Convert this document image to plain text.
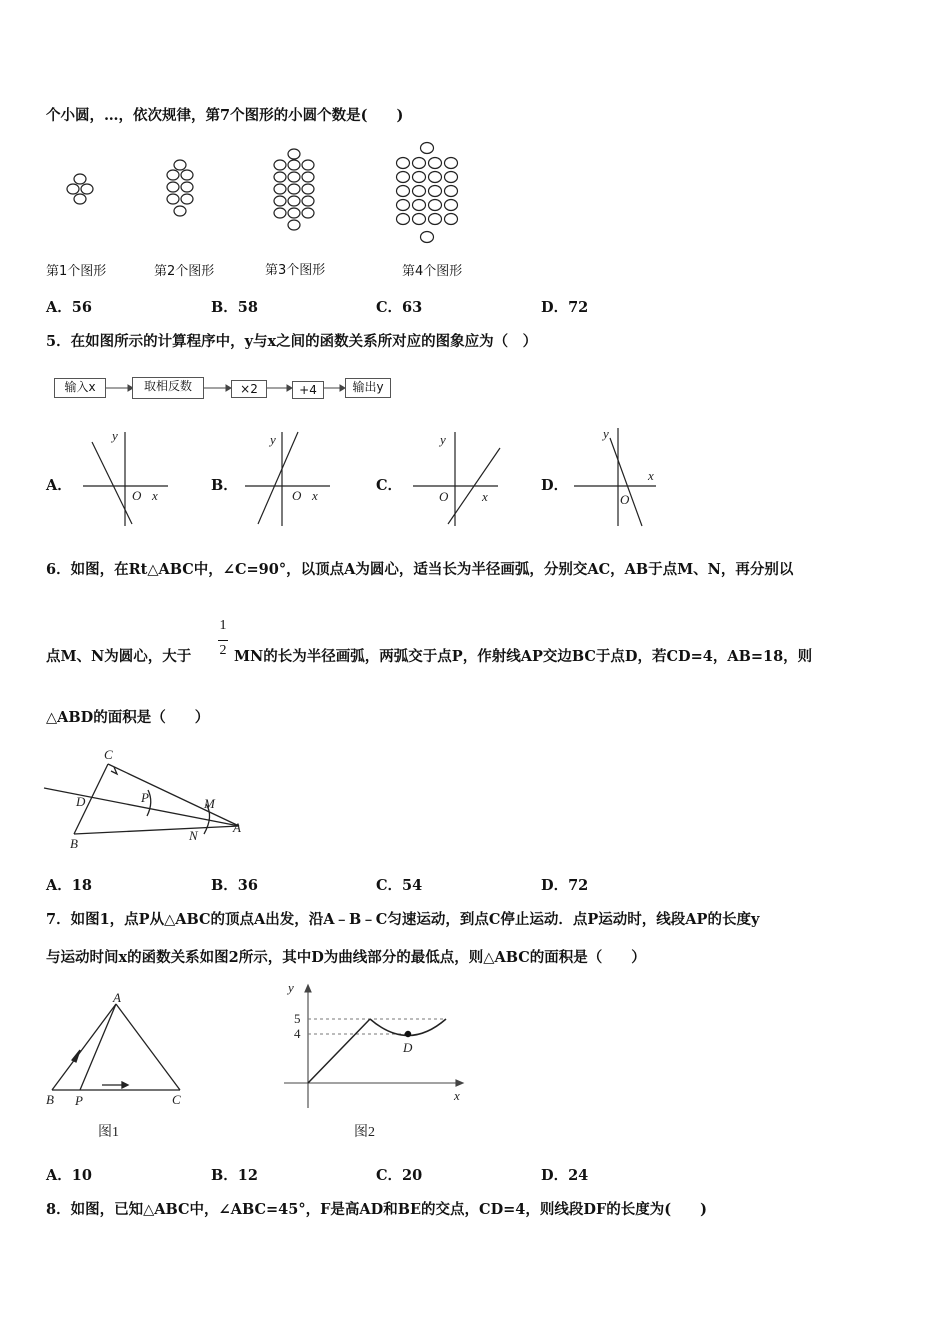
个小圆，…，依次规律，第7个图形的小圆个数是(　　)
第1个图形	第2个图形	第3个图形	第4个图形
A．56	B．58	C．63	D．72
5．在如图所示的计算程序中，y与x之间的函数关系所对应的图象应为（　）
输入x	取相反数	×2	+4	输出y
A．	B．	C．	D．
y
O x
y
O x
y
O	x
y
x
O
6．如图，在Rt△ABC中，∠C=90°，以顶点A为圆心，适当长为半径画弧，分别交AC，AB于点M、N，再分别以
点M、N为圆心，大于
1
2 MN的长为半径画弧，两弧交于点P，作射线AP交边BC于点D，若CD=4，AB=18，则
△ABD的面积是（　　）
C
D	P	M
N
A
B
A．18	B．36	C．54	D．72
7．如图1，点P从△ABC的顶点A出发，沿A﹣B﹣C匀速运动，到点C停止运动．点P运动时，线段AP的长度y
与运动时间x的函数关系如图2所示，其中D为曲线部分的最低点，则△ABC的面积是（　　）
A
B P	C
图1
y
x
5
4
D
图2
A．10	B．12	C．20	D．24
8．如图，已知△ABC中，∠ABC=45°，F是高AD和BE的交点，CD=4，则线段DF的长度为(　　)
